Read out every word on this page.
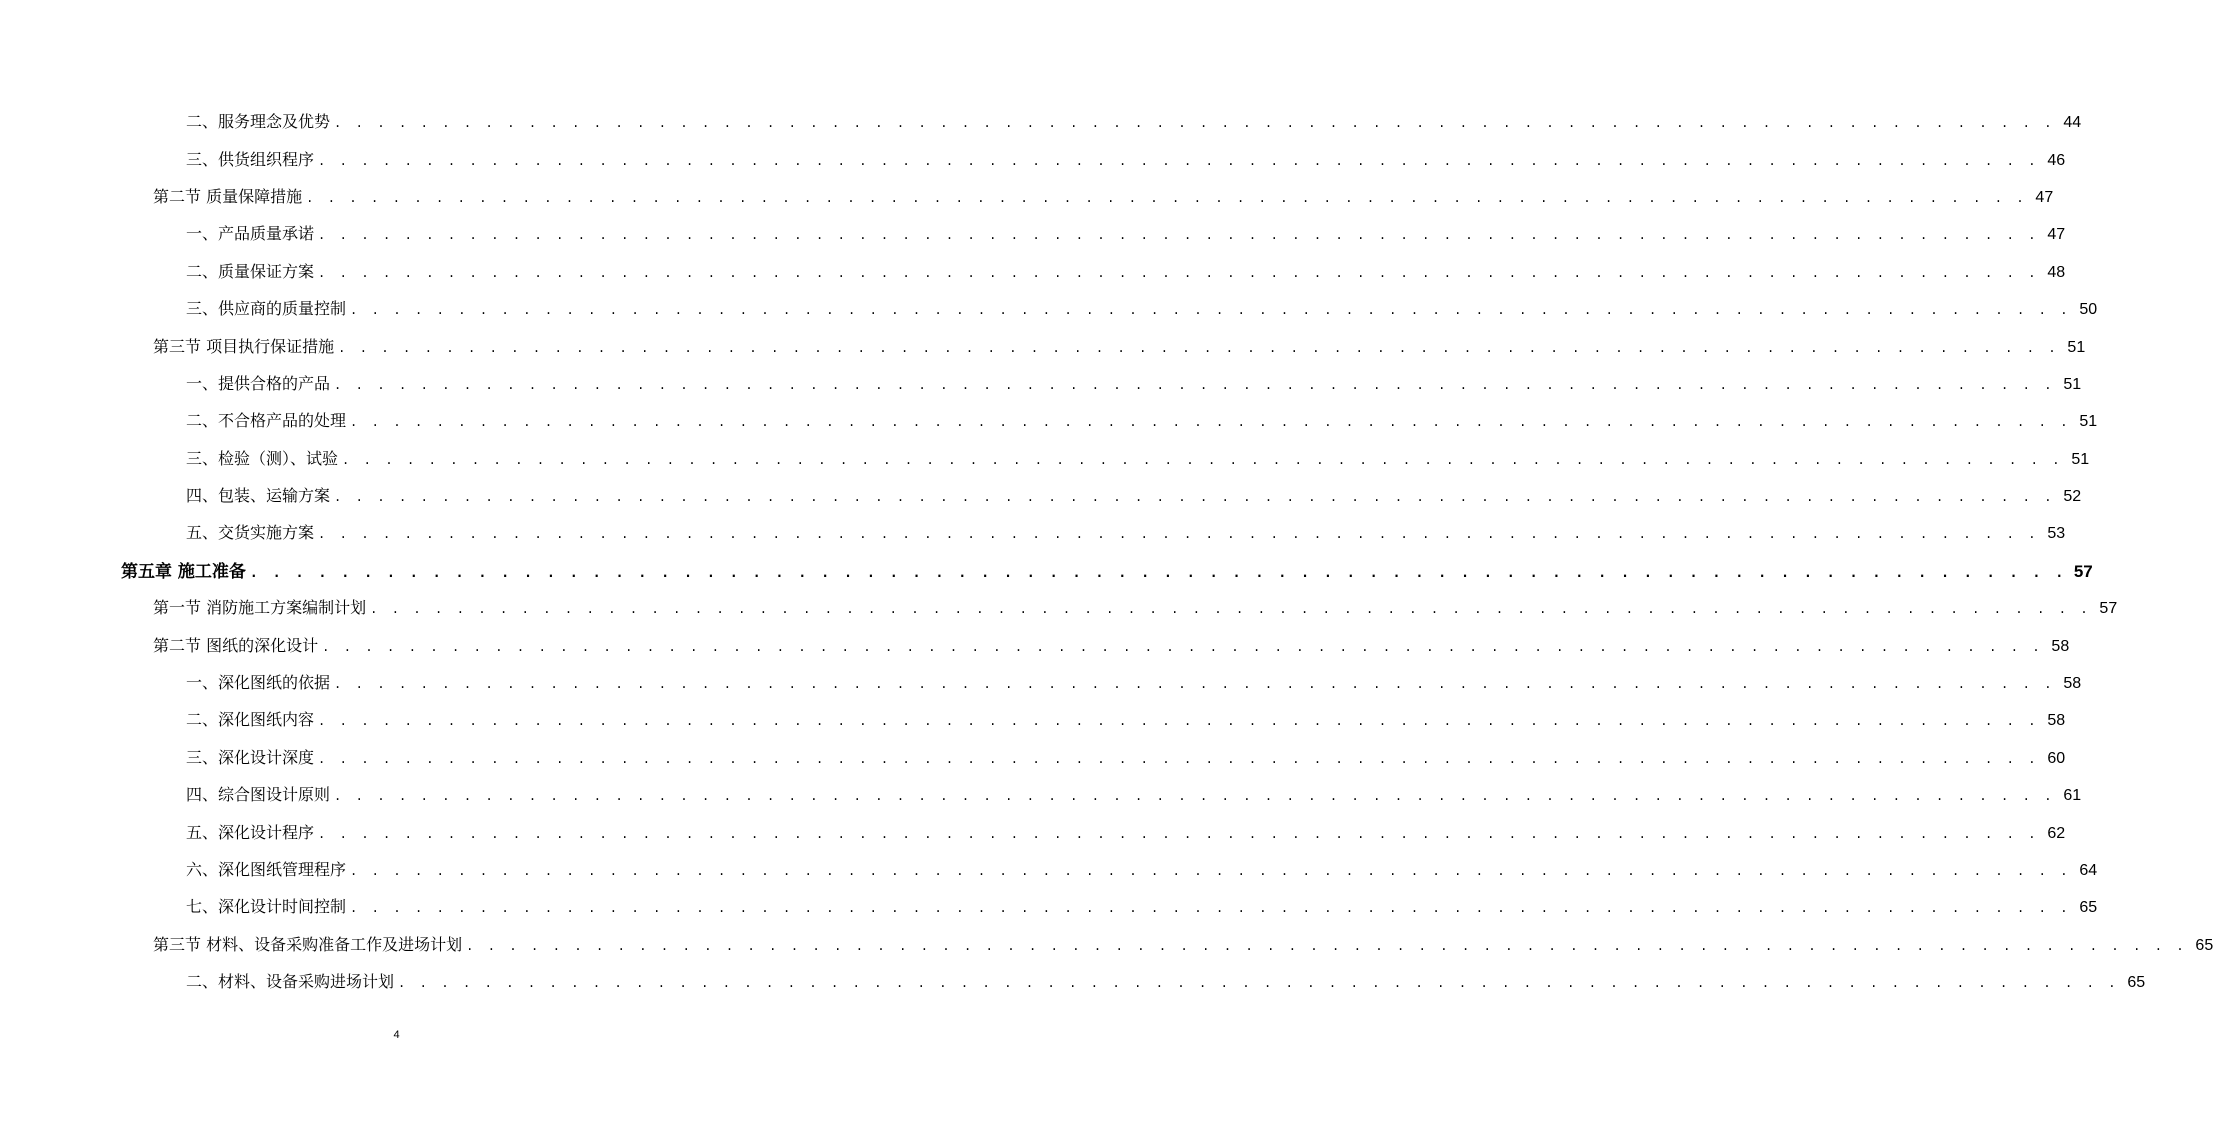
二、服务理念及优势 . . . . . . . . . . . . . . . . . . . . . . . . . . . . . . . . . . . . . . . . . . . . . . . . . . . . . . . . . . . . . . . . . . . . . . . . . . . . . . . . 44
三、供货组织程序 . . . . . . . . . . . . . . . . . . . . . . . . . . . . . . . . . . . . . . . . . . . . . . . . . . . . . . . . . . . . . . . . . . . . . . . . . . . . . . . . 46
第二节 质量保障措施 . . . . . . . . . . . . . . . . . . . . . . . . . . . . . . . . . . . . . . . . . . . . . . . . . . . . . . . . . . . . . . . . . . . . . . . . . . . . . . . . 47
一、产品质量承诺 . . . . . . . . . . . . . . . . . . . . . . . . . . . . . . . . . . . . . . . . . . . . . . . . . . . . . . . . . . . . . . . . . . . . . . . . . . . . . . . . 47
二、质量保证方案 . . . . . . . . . . . . . . . . . . . . . . . . . . . . . . . . . . . . . . . . . . . . . . . . . . . . . . . . . . . . . . . . . . . . . . . . . . . . . . . . 48
三、供应商的质量控制 . . . . . . . . . . . . . . . . . . . . . . . . . . . . . . . . . . . . . . . . . . . . . . . . . . . . . . . . . . . . . . . . . . . . . . . . . . . . . . . . 50
第三节 项目执行保证措施 . . . . . . . . . . . . . . . . . . . . . . . . . . . . . . . . . . . . . . . . . . . . . . . . . . . . . . . . . . . . . . . . . . . . . . . . . . . . . . . . 51
一、提供合格的产品 . . . . . . . . . . . . . . . . . . . . . . . . . . . . . . . . . . . . . . . . . . . . . . . . . . . . . . . . . . . . . . . . . . . . . . . . . . . . . . . . 51
二、不合格产品的处理 . . . . . . . . . . . . . . . . . . . . . . . . . . . . . . . . . . . . . . . . . . . . . . . . . . . . . . . . . . . . . . . . . . . . . . . . . . . . . . . . 51
三、检验（测）、试验 . . . . . . . . . . . . . . . . . . . . . . . . . . . . . . . . . . . . . . . . . . . . . . . . . . . . . . . . . . . . . . . . . . . . . . . . . . . . . . . . 51
四、包装、运输方案 . . . . . . . . . . . . . . . . . . . . . . . . . . . . . . . . . . . . . . . . . . . . . . . . . . . . . . . . . . . . . . . . . . . . . . . . . . . . . . . . 52
五、交货实施方案 . . . . . . . . . . . . . . . . . . . . . . . . . . . . . . . . . . . . . . . . . . . . . . . . . . . . . . . . . . . . . . . . . . . . . . . . . . . . . . . . 53
第五章 施工准备 . . . . . . . . . . . . . . . . . . . . . . . . . . . . . . . . . . . . . . . . . . . . . . . . . . . . . . . . . . . . . . . . . . . . . . . . . . . . . . . . 57
第一节 消防施工方案编制计划 . . . . . . . . . . . . . . . . . . . . . . . . . . . . . . . . . . . . . . . . . . . . . . . . . . . . . . . . . . . . . . . . . . . . . . . . . . . . . . . . 57
第二节 图纸的深化设计 . . . . . . . . . . . . . . . . . . . . . . . . . . . . . . . . . . . . . . . . . . . . . . . . . . . . . . . . . . . . . . . . . . . . . . . . . . . . . . . . 58
一、深化图纸的依据 . . . . . . . . . . . . . . . . . . . . . . . . . . . . . . . . . . . . . . . . . . . . . . . . . . . . . . . . . . . . . . . . . . . . . . . . . . . . . . . . 58
二、深化图纸内容 . . . . . . . . . . . . . . . . . . . . . . . . . . . . . . . . . . . . . . . . . . . . . . . . . . . . . . . . . . . . . . . . . . . . . . . . . . . . . . . . 58
三、深化设计深度 . . . . . . . . . . . . . . . . . . . . . . . . . . . . . . . . . . . . . . . . . . . . . . . . . . . . . . . . . . . . . . . . . . . . . . . . . . . . . . . . 60
四、综合图设计原则 . . . . . . . . . . . . . . . . . . . . . . . . . . . . . . . . . . . . . . . . . . . . . . . . . . . . . . . . . . . . . . . . . . . . . . . . . . . . . . . . 61
五、深化设计程序 . . . . . . . . . . . . . . . . . . . . . . . . . . . . . . . . . . . . . . . . . . . . . . . . . . . . . . . . . . . . . . . . . . . . . . . . . . . . . . . . 62
六、深化图纸管理程序 . . . . . . . . . . . . . . . . . . . . . . . . . . . . . . . . . . . . . . . . . . . . . . . . . . . . . . . . . . . . . . . . . . . . . . . . . . . . . . . . 64
七、深化设计时间控制 . . . . . . . . . . . . . . . . . . . . . . . . . . . . . . . . . . . . . . . . . . . . . . . . . . . . . . . . . . . . . . . . . . . . . . . . . . . . . . . . 65
第三节 材料、设备采购准备工作及进场计划 . . . . . . . . . . . . . . . . . . . . . . . . . . . . . . . . . . . . . . . . . . . . . . . . . . . . . . . . . . . . . . . . . . . . . . . . . . . . . . . . 65
二、材料、设备采购进场计划 . . . . . . . . . . . . . . . . . . . . . . . . . . . . . . . . . . . . . . . . . . . . . . . . . . . . . . . . . . . . . . . . . . . . . . . . . . . . . . . . 65
4
